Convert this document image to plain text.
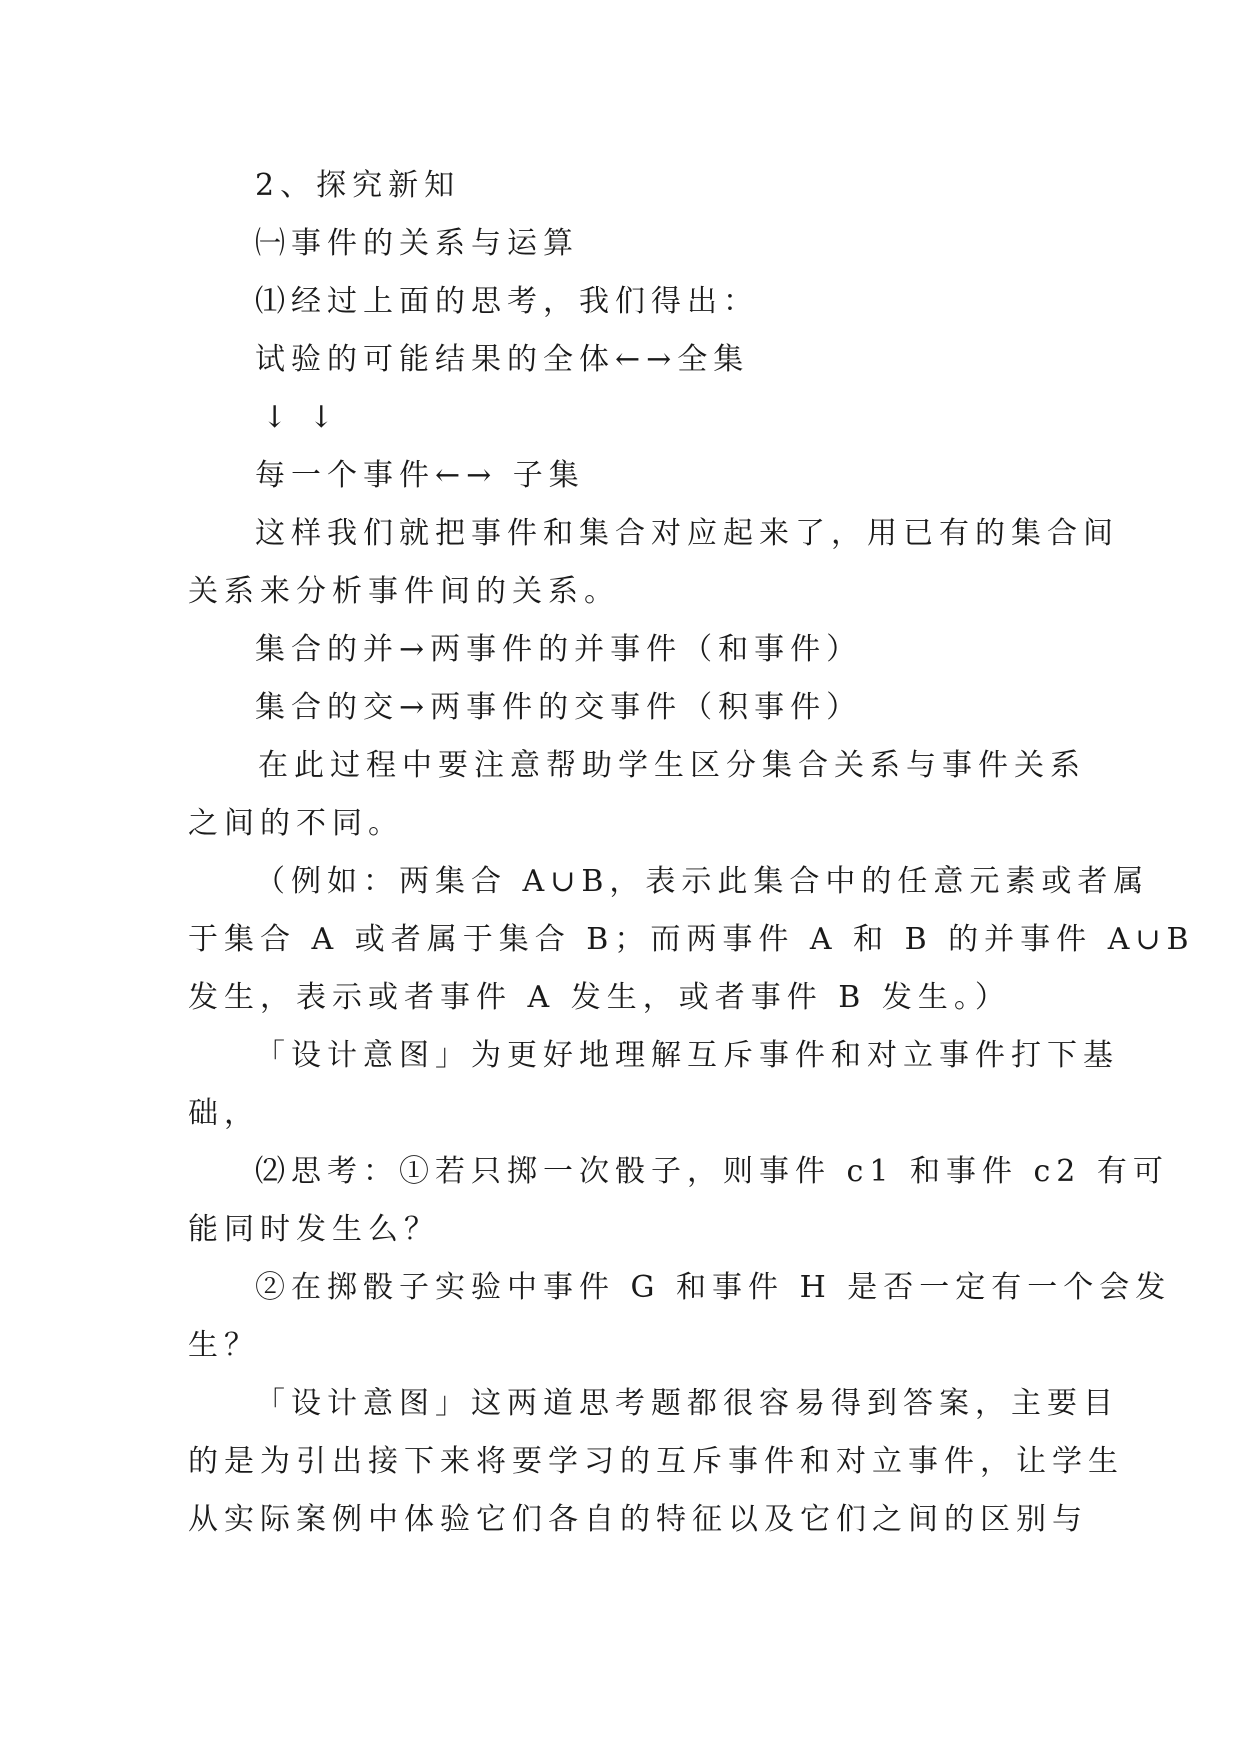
2、探究新知
㈠事件的关系与运算
⑴经过上面的思考，我们得出：
试验的可能结果的全体←→全集
↓ ↓
每一个事件←→ 子集
这样我们就把事件和集合对应起来了，用已有的集合间
关系来分析事件间的关系。
集合的并→两事件的并事件（和事件）
集合的交→两事件的交事件（积事件）
在此过程中要注意帮助学生区分集合关系与事件关系
之间的不同。
（例如：两集合 A∪B，表示此集合中的任意元素或者属
于集合 A 或者属于集合 B；而两事件 A 和 B 的并事件 A∪B
发生，表示或者事件 A 发生，或者事件 B 发生。）
「设计意图」为更好地理解互斥事件和对立事件打下基
础，
⑵思考：①若只掷一次骰子，则事件 c1 和事件 c2 有可
能同时发生么？
②在掷骰子实验中事件 G 和事件 H 是否一定有一个会发
生？
「设计意图」这两道思考题都很容易得到答案，主要目
的是为引出接下来将要学习的互斥事件和对立事件，让学生
从实际案例中体验它们各自的特征以及它们之间的区别与
